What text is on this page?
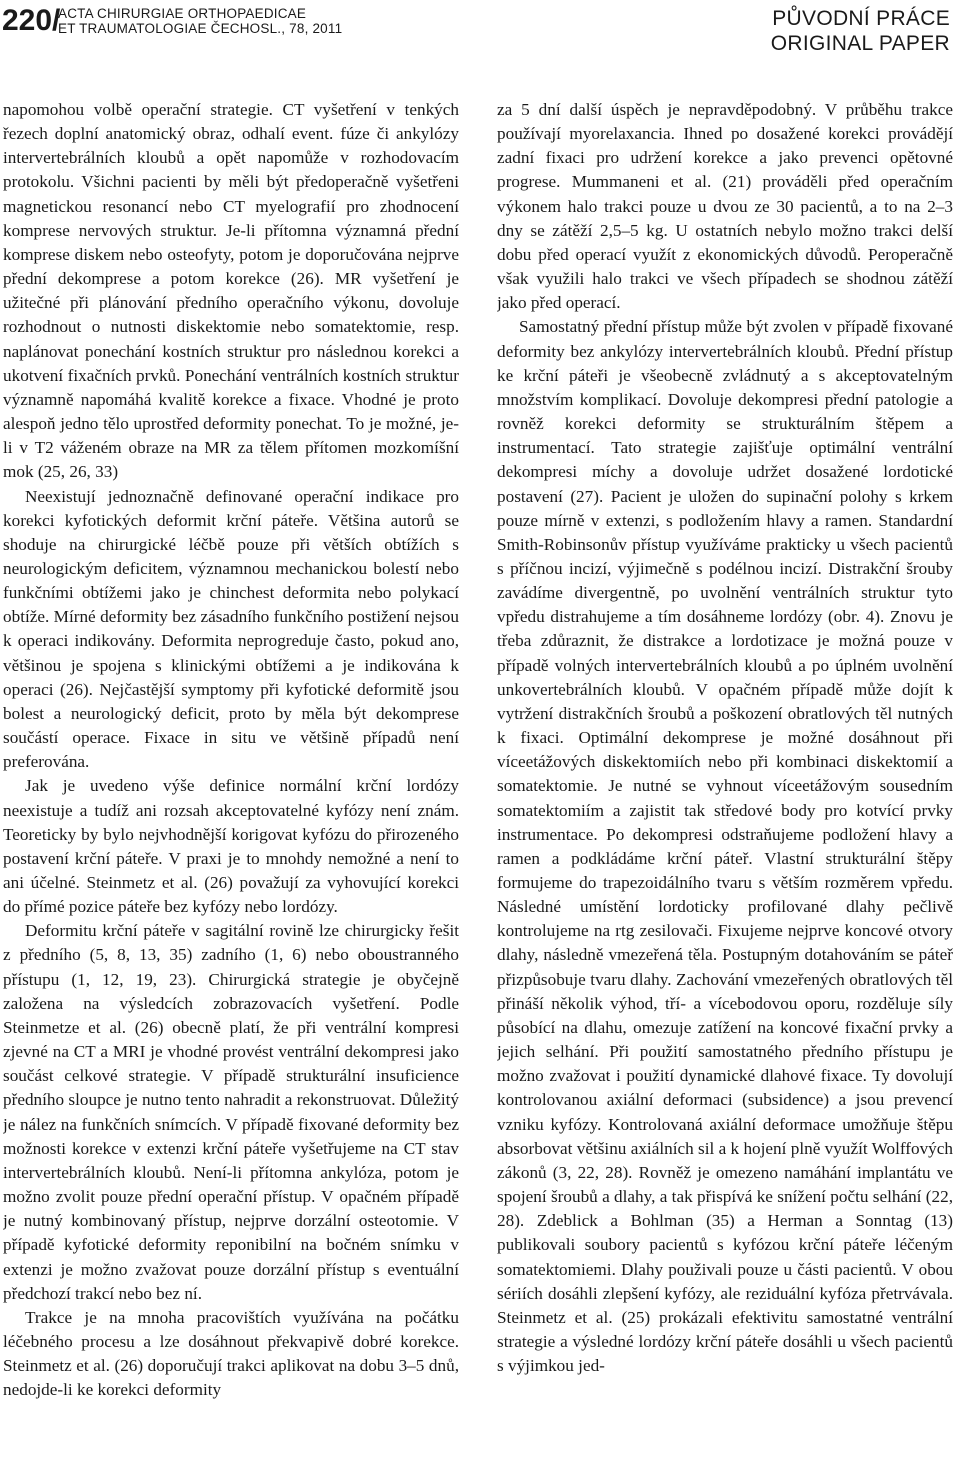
220/
ACTA CHIRURGIAE ORTHOPAEDICAE
ET TRAUMATOLOGIAE ČECHOSL., 78, 2011	PŮVODNÍ PRÁCE
ORIGINAL PAPER

napomohou volbě operační strategie. CT vyšetření v tenkých řezech doplní anatomický obraz, odhalí event. fúze či ankylózy intervertebrálních kloubů a opět napomůže v rozhodovacím protokolu. Všichni pacienti by měli být předoperačně vyšetřeni magnetickou resonancí nebo CT myelografií pro zhodnocení komprese nervových struktur. Je-li přítomna významná přední komprese diskem nebo osteofyty, potom je doporučována nejprve přední dekomprese a potom korekce (26). MR vyšetření je užitečné při plánování předního operačního výkonu, dovoluje rozhodnout o nutnosti diskektomie nebo somatektomie, resp. naplánovat ponechání kostních struktur pro následnou korekci a ukotvení fixačních prvků. Ponechání ventrálních kostních struktur významně napomáhá kvalitě korekce a fixace. Vhodné je proto alespoň jedno tělo uprostřed deformity ponechat. To je možné, je-li v T2 váženém obraze na MR za tělem přítomen mozkomíšní mok (25, 26, 33)

Neexistují jednoznačně definované operační indikace pro korekci kyfotických deformit krční páteře. Většina autorů se shoduje na chirurgické léčbě pouze při větších obtížích s neurologickým deficitem, významnou mechanickou bolestí nebo funkčními obtížemi jako je chinchest deformita nebo polykací obtíže. Mírné deformity bez zásadního funkčního postižení nejsou k operaci indikovány. Deformita neprogreduje často, pokud ano, většinou je spojena s klinickými obtížemi a je indikována k operaci (26). Nejčastější symptomy při kyfotické deformitě jsou bolest a neurologický deficit, proto by měla být dekomprese součástí operace. Fixace in situ ve většině případů není preferována.

Jak je uvedeno výše definice normální krční lordózy neexistuje a tudíž ani rozsah akceptovatelné kyfózy není znám. Teoreticky by bylo nejvhodnější korigovat kyfózu do přirozeného postavení krční páteře. V praxi je to mnohdy nemožné a není to ani účelné. Steinmetz et al. (26) považují za vyhovující korekci do přímé pozice páteře bez kyfózy nebo lordózy.

Deformitu krční páteře v sagitální rovině lze chirurgicky řešit z předního (5, 8, 13, 35) zadního (1, 6) nebo oboustranného přístupu (1, 12, 19, 23). Chirurgická strategie je obyčejně založena na výsledcích zobrazovacích vyšetření. Podle Steinmetze et al. (26) obecně platí, že při ventrální kompresi zjevné na CT a MRI je vhodné provést ventrální dekompresi jako součást celkové strategie. V případě strukturální insuficience předního sloupce je nutno tento nahradit a rekonstruovat. Důležitý je nález na funkčních snímcích. V případě fixované deformity bez možnosti korekce v extenzi krční páteře vyšetřujeme na CT stav intervertebrálních kloubů. Není-li přítomna ankylóza, potom je možno zvolit pouze přední operační přístup. V opačném případě je nutný kombinovaný přístup, nejprve dorzální osteotomie. V případě kyfotické deformity reponibilní na bočném snímku v extenzi je možno zvažovat pouze dorzální přístup s eventuální předchozí trakcí nebo bez ní.

Trakce je na mnoha pracovištích využívána na počátku léčebného procesu a lze dosáhnout překvapivě dobré korekce. Steinmetz et al. (26) doporučují trakci aplikovat na dobu 3–5 dnů, nedojde-li ke korekci deformity

za 5 dní další úspěch je nepravděpodobný. V průběhu trakce používají myorelaxancia. Ihned po dosažené korekci provádějí zadní fixaci pro udržení korekce a jako prevenci opětovné progrese. Mummaneni et al. (21) prováděli před operačním výkonem halo trakci pouze u dvou ze 30 pacientů, a to na 2–3 dny se zátěží 2,5–5 kg. U ostatních nebylo možno trakci delší dobu před operací využít z ekonomických důvodů. Peroperačně však využili halo trakci ve všech případech se shodnou zátěží jako před operací.

Samostatný přední přístup může být zvolen v případě fixované deformity bez ankylózy intervertebrálních kloubů. Přední přístup ke krční páteři je všeobecně zvládnutý a s akceptovatelným množstvím komplikací. Dovoluje dekompresi přední patologie a rovněž korekci deformity se strukturálním štěpem a instrumentací. Tato strategie zajišťuje optimální ventrální dekompresi míchy a dovoluje udržet dosažené lordotické postavení (27). Pacient je uložen do supinační polohy s krkem pouze mírně v extenzi, s podložením hlavy a ramen. Standardní Smith-Robinsonův přístup využíváme prakticky u všech pacientů s příčnou incizí, výjimečně s podélnou incizí. Distrakční šrouby zavádíme divergentně, po uvolnění ventrálních struktur tyto vpředu distrahujeme a tím dosáhneme lordózy (obr. 4). Znovu je třeba zdůraznit, že distrakce a lordotizace je možná pouze v případě volných intervertebrálních kloubů a po úplném uvolnění unkovertebrálních kloubů. V opačném případě může dojít k vytržení distrakčních šroubů a poškození obratlových těl nutných k fixaci. Optimální dekomprese je možné dosáhnout při víceetážových diskektomiích nebo při kombinaci diskektomií a somatektomie. Je nutné se vyhnout víceetážovým sousedním somatektomiím a zajistit tak středové body pro kotvící prvky instrumentace. Po dekompresi odstraňujeme podložení hlavy a ramen a podkládáme krční páteř. Vlastní strukturální štěpy formujeme do trapezoidálního tvaru s větším rozměrem vpředu. Následné umístění lordoticky profilované dlahy pečlivě kontrolujeme na rtg zesilovači. Fixujeme nejprve koncové otvory dlahy, následně vmezeřená těla. Postupným dotahováním se páteř přizpůsobuje tvaru dlahy. Zachování vmezeřených obratlových těl přináší několik výhod, tří- a vícebodovou oporu, rozděluje síly působící na dlahu, omezuje zatížení na koncové fixační prvky a jejich selhání. Při použití samostatného předního přístupu je možno zvažovat i použití dynamické dlahové fixace. Ty dovolují kontrolovanou axiální deformaci (subsidence) a jsou prevencí vzniku kyfózy. Kontrolovaná axiální deformace umožňuje štěpu absorbovat většinu axiálních sil a k hojení plně využít Wolffových zákonů (3, 22, 28). Rovněž je omezeno namáhání implantátu ve spojení šroubů a dlahy, a tak přispívá ke snížení počtu selhání (22, 28). Zdeblick a Bohlman (35) a Herman a Sonntag (13) publikovali soubory pacientů s kyfózou krční páteře léčeným somatektomiemi. Dlahy použivali pouze u části pacientů. V obou sériích dosáhli zlepšení kyfózy, ale reziduální kyfóza přetrvávala. Steinmetz et al. (25) prokázali efektivitu samostatné ventrální strategie a výsledné lordózy krční páteře dosáhli u všech pacientů s výjimkou jed-
